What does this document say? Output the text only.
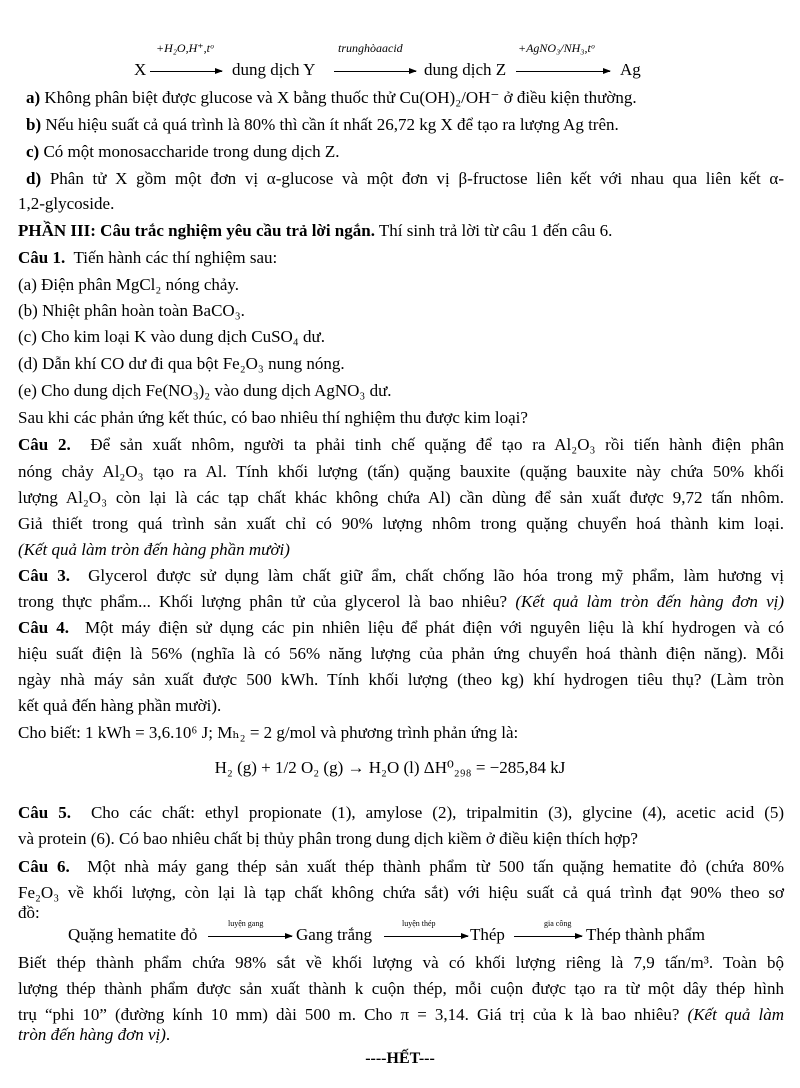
X
+H₂O,H⁺,tᵒ
dung dịch Y
trunghòaacid
dung dịch Z
+AgNO₃/NH₃,tᵒ
Ag
a) Không phân biệt được glucose và X bằng thuốc thử Cu(OH)₂/OH⁻ ở điều kiện thường.
b) Nếu hiệu suất cả quá trình là 80% thì cần ít nhất 26,72 kg X để tạo ra lượng Ag trên.
c) Có một monosaccharide trong dung dịch Z.
d) Phân tử X gồm một đơn vị α-glucose và một đơn vị β-fructose liên kết với nhau qua liên kết α-
1,2-glycoside.
PHẦN III: Câu trắc nghiệm yêu cầu trả lời ngắn. Thí sinh trả lời từ câu 1 đến câu 6.
Câu 1. Tiến hành các thí nghiệm sau:
(a) Điện phân MgCl₂ nóng chảy.
(b) Nhiệt phân hoàn toàn BaCO₃.
(c) Cho kim loại K vào dung dịch CuSO₄ dư.
(d) Dẫn khí CO dư đi qua bột Fe₂O₃ nung nóng.
(e) Cho dung dịch Fe(NO₃)₂ vào dung dịch AgNO₃ dư.
Sau khi các phản ứng kết thúc, có bao nhiêu thí nghiệm thu được kim loại?
Câu 2. Để sản xuất nhôm, người ta phải tinh chế quặng để tạo ra Al₂O₃ rồi tiến hành điện phân
nóng chảy Al₂O₃ tạo ra Al. Tính khối lượng (tấn) quặng bauxite (quặng bauxite này chứa 50% khối
lượng Al₂O₃ còn lại là các tạp chất khác không chứa Al) cần dùng để sản xuất được 9,72 tấn nhôm.
Giả thiết trong quá trình sản xuất chỉ có 90% lượng nhôm trong quặng chuyển hoá thành kim loại.
(Kết quả làm tròn đến hàng phần mười)
Câu 3. Glycerol được sử dụng làm chất giữ ẩm, chất chống lão hóa trong mỹ phẩm, làm hương vị
trong thực phẩm... Khối lượng phân tử của glycerol là bao nhiêu? (Kết quả làm tròn đến hàng đơn vị)
Câu 4. Một máy điện sử dụng các pin nhiên liệu để phát điện với nguyên liệu là khí hydrogen và có
hiệu suất điện là 56% (nghĩa là có 56% năng lượng của phản ứng chuyển hoá thành điện năng). Mỗi
ngày nhà máy sản xuất được 500 kWh. Tính khối lượng (theo kg) khí hydrogen tiêu thụ? (Làm tròn
kết quả đến hàng phần mười).
Cho biết: 1 kWh = 3,6.10⁶ J; Mₕ₂ = 2 g/mol và phương trình phản ứng là:
H₂ (g) + 1/2 O₂ (g) → H₂O (l) ΔH⁰₂₉₈ = −285,84 kJ
Câu 5. Cho các chất: ethyl propionate (1), amylose (2), tripalmitin (3), glycine (4), acetic acid (5)
và protein (6). Có bao nhiêu chất bị thủy phân trong dung dịch kiềm ở điều kiện thích hợp?
Câu 6. Một nhà máy gang thép sản xuất thép thành phẩm từ 500 tấn quặng hematite đỏ (chứa 80%
Fe₂O₃ về khối lượng, còn lại là tạp chất không chứa sắt) với hiệu suất cả quá trình đạt 90% theo sơ
đồ:
Quặng hematite đỏ
luyện gang
Gang trắng
luyện thép
Thép
gia công
Thép thành phẩm
Biết thép thành phẩm chứa 98% sắt về khối lượng và có khối lượng riêng là 7,9 tấn/m³. Toàn bộ
lượng thép thành phẩm được sản xuất thành k cuộn thép, mỗi cuộn được tạo ra từ một dây thép hình
trụ “phi 10” (đường kính 10 mm) dài 500 m. Cho π = 3,14. Giá trị của k là bao nhiêu? (Kết quả làm
tròn đến hàng đơn vị).
----HẾT---
